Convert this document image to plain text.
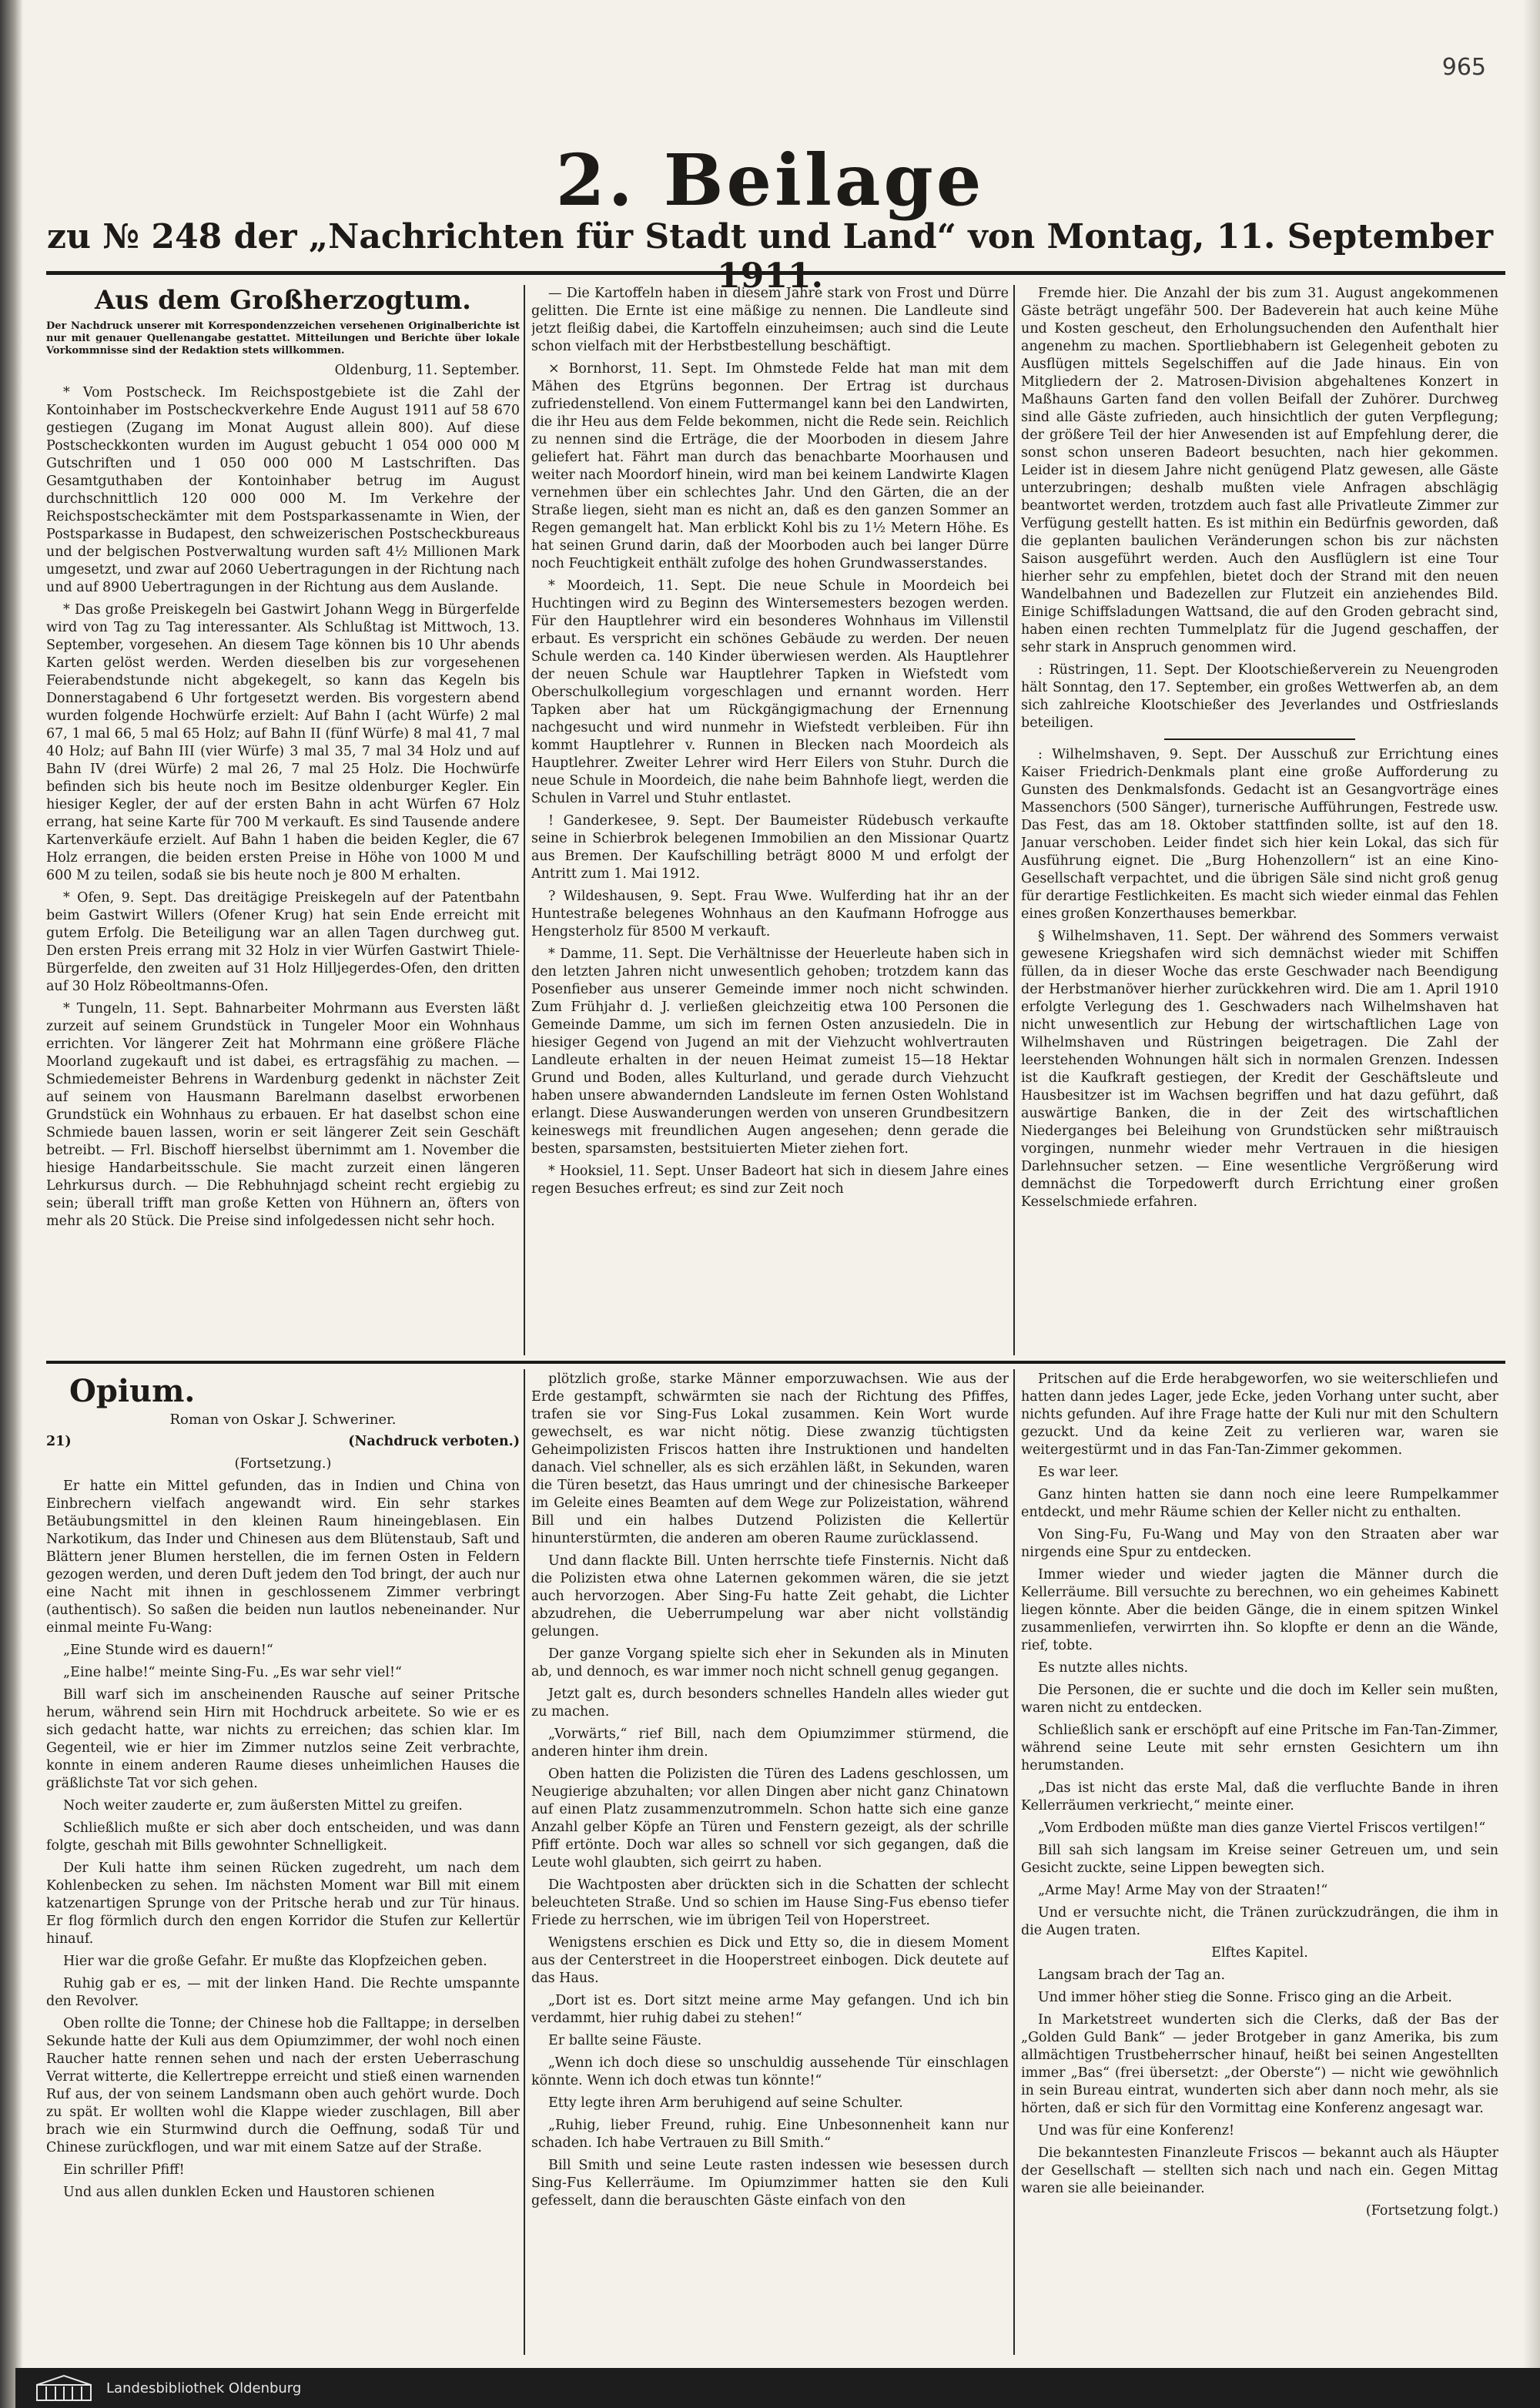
965
2. Beilage
zu № 248 der „Nachrichten für Stadt und Land“ von Montag, 11. September 1911.

Aus dem Großherzogtum.

Der Nachdruck unserer mit Korrespondenzzeichen versehenen Originalberichte ist nur mit genauer Quellenangabe gestattet. Mitteilungen und Berichte über lokale Vorkommnisse sind der Redaktion stets willkommen.

Oldenburg, 11. September.

* Vom Postscheck. Im Reichspostgebiete ist die Zahl der Kontoinhaber im Postscheckverkehre Ende August 1911 auf 58 670 gestiegen (Zugang im Monat August allein 800). Auf diese Postscheckkonten wurden im August gebucht 1 054 000 000 M Gutschriften und 1 050 000 000 M Lastschriften. Das Gesamtguthaben der Kontoinhaber betrug im August durchschnittlich 120 000 000 M. Im Verkehre der Reichspostscheckämter mit dem Postsparkassenamte in Wien, der Postsparkasse in Budapest, den schweizerischen Postscheckbureaus und der belgischen Postverwaltung wurden saft 4½ Millionen Mark umgesetzt, und zwar auf 2060 Uebertragungen in der Richtung nach und auf 8900 Uebertragungen in der Richtung aus dem Auslande.

* Das große Preiskegeln bei Gastwirt Johann Wegg in Bürgerfelde wird von Tag zu Tag interessanter. Als Schlußtag ist Mittwoch, 13. September, vorgesehen. An diesem Tage können bis 10 Uhr abends Karten gelöst werden. Werden dieselben bis zur vorgesehenen Feierabendstunde nicht abgekegelt, so kann das Kegeln bis Donnerstagabend 6 Uhr fortgesetzt werden. Bis vorgestern abend wurden folgende Hochwürfe erzielt: Auf Bahn I (acht Würfe) 2 mal 67, 1 mal 66, 5 mal 65 Holz; auf Bahn II (fünf Würfe) 8 mal 41, 7 mal 40 Holz; auf Bahn III (vier Würfe) 3 mal 35, 7 mal 34 Holz und auf Bahn IV (drei Würfe) 2 mal 26, 7 mal 25 Holz. Die Hochwürfe befinden sich bis heute noch im Besitze oldenburger Kegler. Ein hiesiger Kegler, der auf der ersten Bahn in acht Würfen 67 Holz errang, hat seine Karte für 700 M verkauft. Es sind Tausende andere Kartenverkäufe erzielt. Auf Bahn 1 haben die beiden Kegler, die 67 Holz errangen, die beiden ersten Preise in Höhe von 1000 M und 600 M zu teilen, sodaß sie bis heute noch je 800 M erhalten.

* Ofen, 9. Sept. Das dreitägige Preiskegeln auf der Patentbahn beim Gastwirt Willers (Ofener Krug) hat sein Ende erreicht mit gutem Erfolg. Die Beteiligung war an allen Tagen durchweg gut. Den ersten Preis errang mit 32 Holz in vier Würfen Gastwirt Thiele-Bürgerfelde, den zweiten auf 31 Holz Hilljegerdes-Ofen, den dritten auf 30 Holz Röbeoltmanns-Ofen.

* Tungeln, 11. Sept. Bahnarbeiter Mohrmann aus Eversten läßt zurzeit auf seinem Grundstück in Tungeler Moor ein Wohnhaus errichten. Vor längerer Zeit hat Mohrmann eine größere Fläche Moorland zugekauft und ist dabei, es ertragsfähig zu machen. — Schmiedemeister Behrens in Wardenburg gedenkt in nächster Zeit auf seinem von Hausmann Barelmann daselbst erworbenen Grundstück ein Wohnhaus zu erbauen. Er hat daselbst schon eine Schmiede bauen lassen, worin er seit längerer Zeit sein Geschäft betreibt. — Frl. Bischoff hierselbst übernimmt am 1. November die hiesige Handarbeitsschule. Sie macht zurzeit einen längeren Lehrkursus durch. — Die Rebhuhnjagd scheint recht ergiebig zu sein; überall trifft man große Ketten von Hühnern an, öfters von mehr als 20 Stück. Die Preise sind infolgedessen nicht sehr hoch.

— Die Kartoffeln haben in diesem Jahre stark von Frost und Dürre gelitten. Die Ernte ist eine mäßige zu nennen. Die Landleute sind jetzt fleißig dabei, die Kartoffeln einzuheimsen; auch sind die Leute schon vielfach mit der Herbstbestellung beschäftigt.

× Bornhorst, 11. Sept. Im Ohmstede Felde hat man mit dem Mähen des Etgrüns begonnen. Der Ertrag ist durchaus zufriedenstellend. Von einem Futtermangel kann bei den Landwirten, die ihr Heu aus dem Felde bekommen, nicht die Rede sein. Reichlich zu nennen sind die Erträge, die der Moorboden in diesem Jahre geliefert hat. Fährt man durch das benachbarte Moorhausen und weiter nach Moordorf hinein, wird man bei keinem Landwirte Klagen vernehmen über ein schlechtes Jahr. Und den Gärten, die an der Straße liegen, sieht man es nicht an, daß es den ganzen Sommer an Regen gemangelt hat. Man erblickt Kohl bis zu 1½ Metern Höhe. Es hat seinen Grund darin, daß der Moorboden auch bei langer Dürre noch Feuchtigkeit enthält zufolge des hohen Grundwasserstandes.

* Moordeich, 11. Sept. Die neue Schule in Moordeich bei Huchtingen wird zu Beginn des Wintersemesters bezogen werden. Für den Hauptlehrer wird ein besonderes Wohnhaus im Villenstil erbaut. Es verspricht ein schönes Gebäude zu werden. Der neuen Schule werden ca. 140 Kinder überwiesen werden. Als Hauptlehrer der neuen Schule war Hauptlehrer Tapken in Wiefstedt vom Oberschulkollegium vorgeschlagen und ernannt worden. Herr Tapken aber hat um Rückgängigmachung der Ernennung nachgesucht und wird nunmehr in Wiefstedt verbleiben. Für ihn kommt Hauptlehrer v. Runnen in Blecken nach Moordeich als Hauptlehrer. Zweiter Lehrer wird Herr Eilers von Stuhr. Durch die neue Schule in Moordeich, die nahe beim Bahnhofe liegt, werden die Schulen in Varrel und Stuhr entlastet.

! Ganderkesee, 9. Sept. Der Baumeister Rüdebusch verkaufte seine in Schierbrok belegenen Immobilien an den Missionar Quartz aus Bremen. Der Kaufschilling beträgt 8000 M und erfolgt der Antritt zum 1. Mai 1912.

? Wildeshausen, 9. Sept. Frau Wwe. Wulferding hat ihr an der Huntestraße belegenes Wohnhaus an den Kaufmann Hofrogge aus Hengsterholz für 8500 M verkauft.

* Damme, 11. Sept. Die Verhältnisse der Heuerleute haben sich in den letzten Jahren nicht unwesentlich gehoben; trotzdem kann das Posenfieber aus unserer Gemeinde immer noch nicht schwinden. Zum Frühjahr d. J. verließen gleichzeitig etwa 100 Personen die Gemeinde Damme, um sich im fernen Osten anzusiedeln. Die in hiesiger Gegend von Jugend an mit der Viehzucht wohlvertrauten Landleute erhalten in der neuen Heimat zumeist 15—18 Hektar Grund und Boden, alles Kulturland, und gerade durch Viehzucht haben unsere abwandernden Landsleute im fernen Osten Wohlstand erlangt. Diese Auswanderungen werden von unseren Grundbesitzern keineswegs mit freundlichen Augen angesehen; denn gerade die besten, sparsamsten, bestsituierten Mieter ziehen fort.

* Hooksiel, 11. Sept. Unser Badeort hat sich in diesem Jahre eines regen Besuches erfreut; es sind zur Zeit noch

Fremde hier. Die Anzahl der bis zum 31. August angekommenen Gäste beträgt ungefähr 500. Der Badeverein hat auch keine Mühe und Kosten gescheut, den Erholungsuchenden den Aufenthalt hier angenehm zu machen. Sportliebhabern ist Gelegenheit geboten zu Ausflügen mittels Segelschiffen auf die Jade hinaus. Ein von Mitgliedern der 2. Matrosen-Division abgehaltenes Konzert in Maßhauns Garten fand den vollen Beifall der Zuhörer. Durchweg sind alle Gäste zufrieden, auch hinsichtlich der guten Verpflegung; der größere Teil der hier Anwesenden ist auf Empfehlung derer, die sonst schon unseren Badeort besuchten, nach hier gekommen. Leider ist in diesem Jahre nicht genügend Platz gewesen, alle Gäste unterzubringen; deshalb mußten viele Anfragen abschlägig beantwortet werden, trotzdem auch fast alle Privatleute Zimmer zur Verfügung gestellt hatten. Es ist mithin ein Bedürfnis geworden, daß die geplanten baulichen Veränderungen schon bis zur nächsten Saison ausgeführt werden. Auch den Ausflüglern ist eine Tour hierher sehr zu empfehlen, bietet doch der Strand mit den neuen Wandelbahnen und Badezellen zur Flutzeit ein anziehendes Bild. Einige Schiffsladungen Wattsand, die auf den Groden gebracht sind, haben einen rechten Tummelplatz für die Jugend geschaffen, der sehr stark in Anspruch genommen wird.

: Rüstringen, 11. Sept. Der Klootschießerverein zu Neuengroden hält Sonntag, den 17. September, ein großes Wettwerfen ab, an dem sich zahlreiche Klootschießer des Jeverlandes und Ostfrieslands beteiligen.

: Wilhelmshaven, 9. Sept. Der Ausschuß zur Errichtung eines Kaiser Friedrich-Denkmals plant eine große Aufforderung zu Gunsten des Denkmalsfonds. Gedacht ist an Gesangvorträge eines Massenchors (500 Sänger), turnerische Aufführungen, Festrede usw. Das Fest, das am 18. Oktober stattfinden sollte, ist auf den 18. Januar verschoben. Leider findet sich hier kein Lokal, das sich für Ausführung eignet. Die „Burg Hohenzollern“ ist an eine Kino-Gesellschaft verpachtet, und die übrigen Säle sind nicht groß genug für derartige Festlichkeiten. Es macht sich wieder einmal das Fehlen eines großen Konzerthauses bemerkbar.

§ Wilhelmshaven, 11. Sept. Der während des Sommers verwaist gewesene Kriegshafen wird sich demnächst wieder mit Schiffen füllen, da in dieser Woche das erste Geschwader nach Beendigung der Herbstmanöver hierher zurückkehren wird. Die am 1. April 1910 erfolgte Verlegung des 1. Geschwaders nach Wilhelmshaven hat nicht unwesentlich zur Hebung der wirtschaftlichen Lage von Wilhelmshaven und Rüstringen beigetragen. Die Zahl der leerstehenden Wohnungen hält sich in normalen Grenzen. Indessen ist die Kaufkraft gestiegen, der Kredit der Geschäftsleute und Hausbesitzer ist im Wachsen begriffen und hat dazu geführt, daß auswärtige Banken, die in der Zeit des wirtschaftlichen Niederganges bei Beleihung von Grundstücken sehr mißtrauisch vorgingen, nunmehr wieder mehr Vertrauen in die hiesigen Darlehnsucher setzen. — Eine wesentliche Vergrößerung wird demnächst die Torpedowerft durch Errichtung einer großen Kesselschmiede erfahren.

Opium.

Roman von Oskar J. Schweriner.

21)	(Nachdruck verboten.)

(Fortsetzung.)

Er hatte ein Mittel gefunden, das in Indien und China von Einbrechern vielfach angewandt wird. Ein sehr starkes Betäubungsmittel in den kleinen Raum hineingeblasen. Ein Narkotikum, das Inder und Chinesen aus dem Blütenstaub, Saft und Blättern jener Blumen herstellen, die im fernen Osten in Feldern gezogen werden, und deren Duft jedem den Tod bringt, der auch nur eine Nacht mit ihnen in geschlossenem Zimmer verbringt (authentisch). So saßen die beiden nun lautlos nebeneinander. Nur einmal meinte Fu-Wang:

„Eine Stunde wird es dauern!“

„Eine halbe!“ meinte Sing-Fu. „Es war sehr viel!“

Bill warf sich im anscheinenden Rausche auf seiner Pritsche herum, während sein Hirn mit Hochdruck arbeitete. So wie er es sich gedacht hatte, war nichts zu erreichen; das schien klar. Im Gegenteil, wie er hier im Zimmer nutzlos seine Zeit verbrachte, konnte in einem anderen Raume dieses unheimlichen Hauses die gräßlichste Tat vor sich gehen.

Noch weiter zauderte er, zum äußersten Mittel zu greifen.

Schließlich mußte er sich aber doch entscheiden, und was dann folgte, geschah mit Bills gewohnter Schnelligkeit.

Der Kuli hatte ihm seinen Rücken zugedreht, um nach dem Kohlenbecken zu sehen. Im nächsten Moment war Bill mit einem katzenartigen Sprunge von der Pritsche herab und zur Tür hinaus. Er flog förmlich durch den engen Korridor die Stufen zur Kellertür hinauf.

Hier war die große Gefahr. Er mußte das Klopfzeichen geben.

Ruhig gab er es, — mit der linken Hand. Die Rechte umspannte den Revolver.

Oben rollte die Tonne; der Chinese hob die Falltappe; in derselben Sekunde hatte der Kuli aus dem Opiumzimmer, der wohl noch einen Raucher hatte rennen sehen und nach der ersten Ueberraschung Verrat witterte, die Kellertreppe erreicht und stieß einen warnenden Ruf aus, der von seinem Landsmann oben auch gehört wurde. Doch zu spät. Er wollten wohl die Klappe wieder zuschlagen, Bill aber brach wie ein Sturmwind durch die Oeffnung, sodaß Tür und Chinese zurückflogen, und war mit einem Satze auf der Straße.

Ein schriller Pfiff!

Und aus allen dunklen Ecken und Haustoren schienen

plötzlich große, starke Männer emporzuwachsen. Wie aus der Erde gestampft, schwärmten sie nach der Richtung des Pfiffes, trafen sie vor Sing-Fus Lokal zusammen. Kein Wort wurde gewechselt, es war nicht nötig. Diese zwanzig tüchtigsten Geheimpolizisten Friscos hatten ihre Instruktionen und handelten danach. Viel schneller, als es sich erzählen läßt, in Sekunden, waren die Türen besetzt, das Haus umringt und der chinesische Barkeeper im Geleite eines Beamten auf dem Wege zur Polizeistation, während Bill und ein halbes Dutzend Polizisten die Kellertür hinunterstürmten, die anderen am oberen Raume zurücklassend.

Und dann flackte Bill. Unten herrschte tiefe Finsternis. Nicht daß die Polizisten etwa ohne Laternen gekommen wären, die sie jetzt auch hervorzogen. Aber Sing-Fu hatte Zeit gehabt, die Lichter abzudrehen, die Ueberrumpelung war aber nicht vollständig gelungen.

Der ganze Vorgang spielte sich eher in Sekunden als in Minuten ab, und dennoch, es war immer noch nicht schnell genug gegangen.

Jetzt galt es, durch besonders schnelles Handeln alles wieder gut zu machen.

„Vorwärts,“ rief Bill, nach dem Opiumzimmer stürmend, die anderen hinter ihm drein.

Oben hatten die Polizisten die Türen des Ladens geschlossen, um Neugierige abzuhalten; vor allen Dingen aber nicht ganz Chinatown auf einen Platz zusammenzutrommeln. Schon hatte sich eine ganze Anzahl gelber Köpfe an Türen und Fenstern gezeigt, als der schrille Pfiff ertönte. Doch war alles so schnell vor sich gegangen, daß die Leute wohl glaubten, sich geirrt zu haben.

Die Wachtposten aber drückten sich in die Schatten der schlecht beleuchteten Straße. Und so schien im Hause Sing-Fus ebenso tiefer Friede zu herrschen, wie im übrigen Teil von Hoperstreet.

Wenigstens erschien es Dick und Etty so, die in diesem Moment aus der Centerstreet in die Hooperstreet einbogen. Dick deutete auf das Haus.

„Dort ist es. Dort sitzt meine arme May gefangen. Und ich bin verdammt, hier ruhig dabei zu stehen!“

Er ballte seine Fäuste.

„Wenn ich doch diese so unschuldig aussehende Tür einschlagen könnte. Wenn ich doch etwas tun könnte!“

Etty legte ihren Arm beruhigend auf seine Schulter.

„Ruhig, lieber Freund, ruhig. Eine Unbesonnenheit kann nur schaden. Ich habe Vertrauen zu Bill Smith.“

Bill Smith und seine Leute rasten indessen wie besessen durch Sing-Fus Kellerräume. Im Opiumzimmer hatten sie den Kuli gefesselt, dann die berauschten Gäste einfach von den

Pritschen auf die Erde herabgeworfen, wo sie weiterschliefen und hatten dann jedes Lager, jede Ecke, jeden Vorhang unter sucht, aber nichts gefunden. Auf ihre Frage hatte der Kuli nur mit den Schultern gezuckt. Und da keine Zeit zu verlieren war, waren sie weitergestürmt und in das Fan-Tan-Zimmer gekommen.

Es war leer.

Ganz hinten hatten sie dann noch eine leere Rumpelkammer entdeckt, und mehr Räume schien der Keller nicht zu enthalten.

Von Sing-Fu, Fu-Wang und May von den Straaten aber war nirgends eine Spur zu entdecken.

Immer wieder und wieder jagten die Männer durch die Kellerräume. Bill versuchte zu berechnen, wo ein geheimes Kabinett liegen könnte. Aber die beiden Gänge, die in einem spitzen Winkel zusammenliefen, verwirrten ihn. So klopfte er denn an die Wände, rief, tobte.

Es nutzte alles nichts.

Die Personen, die er suchte und die doch im Keller sein mußten, waren nicht zu entdecken.

Schließlich sank er erschöpft auf eine Pritsche im Fan-Tan-Zimmer, während seine Leute mit sehr ernsten Gesichtern um ihn herumstanden.

„Das ist nicht das erste Mal, daß die verfluchte Bande in ihren Kellerräumen verkriecht,“ meinte einer.

„Vom Erdboden müßte man dies ganze Viertel Friscos vertilgen!“

Bill sah sich langsam im Kreise seiner Getreuen um, und sein Gesicht zuckte, seine Lippen bewegten sich.

„Arme May! Arme May von der Straaten!“

Und er versuchte nicht, die Tränen zurückzudrängen, die ihm in die Augen traten.

Elftes Kapitel.

Langsam brach der Tag an.

Und immer höher stieg die Sonne. Frisco ging an die Arbeit.

In Marketstreet wunderten sich die Clerks, daß der Bas der „Golden Guld Bank“ — jeder Brotgeber in ganz Amerika, bis zum allmächtigen Trustbeherrscher hinauf, heißt bei seinen Angestellten immer „Bas“ (frei übersetzt: „der Oberste“) — nicht wie gewöhnlich in sein Bureau eintrat, wunderten sich aber dann noch mehr, als sie hörten, daß er sich für den Vormittag eine Konferenz angesagt war.

Und was für eine Konferenz!

Die bekanntesten Finanzleute Friscos — bekannt auch als Häupter der Gesellschaft — stellten sich nach und nach ein. Gegen Mittag waren sie alle beieinander.

(Fortsetzung folgt.)

Landesbibliothek Oldenburg
